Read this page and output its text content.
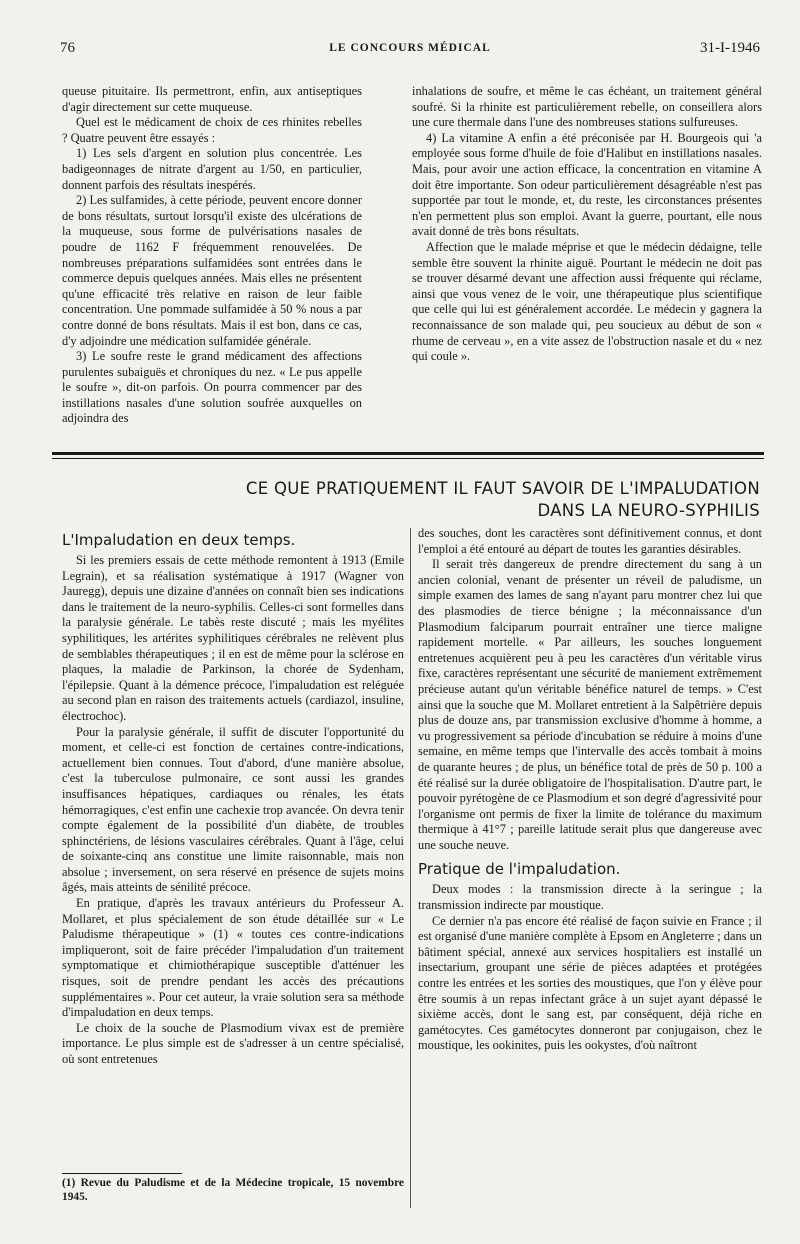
76	LE CONCOURS MÉDICAL	31-I-1946

queuse pituitaire. Ils permettront, enfin, aux antiseptiques d'agir directement sur cette muqueuse.

Quel est le médicament de choix de ces rhinites rebelles ? Quatre peuvent être essayés :

1) Les sels d'argent en solution plus concentrée. Les badigeonnages de nitrate d'argent au 1/50, en particulier, donnent parfois des résultats inespérés.

2) Les sulfamides, à cette période, peuvent encore donner de bons résultats, surtout lorsqu'il existe des ulcérations de la muqueuse, sous forme de pulvérisations nasales de poudre de 1162 F fréquemment renouvelées. De nombreuses préparations sulfamidées sont entrées dans le commerce depuis quelques années. Mais elles ne présentent qu'une efficacité très relative en raison de leur faible concentration. Une pommade sulfamidée à 50 % nous a par contre donné de bons résultats. Mais il est bon, dans ce cas, d'y adjoindre une médication sulfamidée générale.

3) Le soufre reste le grand médicament des affections purulentes subaiguës et chroniques du nez. « Le pus appelle le soufre », dit-on parfois. On pourra commencer par des instillations nasales d'une solution soufrée auxquelles on adjoindra des

inhalations de soufre, et même le cas échéant, un traitement général soufré. Si la rhinite est particulièrement rebelle, on conseillera alors une cure thermale dans l'une des nombreuses stations sulfureuses.

4) La vitamine A enfin a été préconisée par H. Bourgeois qui 'a employée sous forme d'huile de foie d'Halibut en instillations nasales. Mais, pour avoir une action efficace, la concentration en vitamine A doit être importante. Son odeur particulièrement désagréable n'est pas supportée par tout le monde, et, du reste, les circonstances présentes n'en permettent plus son emploi. Avant la guerre, pourtant, elle nous avait donné de très bons résultats.

Affection que le malade méprise et que le médecin dédaigne, telle semble être souvent la rhinite aiguë. Pourtant le médecin ne doit pas se trouver désarmé devant une affection aussi fréquente qui réclame, ainsi que vous venez de le voir, une thérapeutique plus scientifique que celle qui lui est généralement accordée. Le médecin y gagnera la reconnaissance de son malade qui, peu soucieux au début de son « rhume de cerveau », en a vite assez de l'obstruction nasale et du « nez qui coule ».

CE QUE PRATIQUEMENT IL FAUT SAVOIR DE L'IMPALUDATION
DANS LA NEURO-SYPHILIS
L'Impaludation en deux temps.

Si les premiers essais de cette méthode remontent à 1913 (Emile Legrain), et sa réalisation systématique à 1917 (Wagner von Jauregg), depuis une dizaine d'années on connaît bien ses indications dans le traitement de la neuro-syphilis. Celles-ci sont formelles dans la paralysie générale. Le tabès reste discuté ; mais les myélites syphilitiques, les artérites syphilitiques cérébrales ne relèvent plus de semblables thérapeutiques ; il en est de même pour la sclérose en plaques, la maladie de Parkinson, la chorée de Sydenham, l'épilepsie. Quant à la démence précoce, l'impaludation est reléguée au second plan en raison des traitements actuels (cardiazol, insuline, électrochoc).

Pour la paralysie générale, il suffit de discuter l'opportunité du moment, et celle-ci est fonction de certaines contre-indications, actuellement bien connues. Tout d'abord, d'une manière absolue, c'est la tuberculose pulmonaire, ce sont aussi les grandes insuffisances hépatiques, cardiaques ou rénales, les états hémorragiques, c'est enfin une cachexie trop avancée. On devra tenir compte également de la possibilité d'un diabète, de troubles sphinctériens, de lésions vasculaires cérébrales. Quant à l'âge, celui de soixante-cinq ans constitue une limite raisonnable, mais non absolue ; inversement, on sera réservé en présence de sujets moins âgés, mais atteints de sénilité précoce.

En pratique, d'après les travaux antérieurs du Professeur A. Mollaret, et plus spécialement de son étude détaillée sur « Le Paludisme thérapeutique » (1) « toutes ces contre-indications impliqueront, soit de faire précéder l'impaludation d'un traitement symptomatique et chimiothérapique susceptible d'atténuer les risques, soit de prendre pendant les accès des précautions supplémentaires ». Pour cet auteur, la vraie solution sera sa méthode d'impaludation en deux temps.

Le choix de la souche de Plasmodium vivax est de première importance. Le plus simple est de s'adresser à un centre spécialisé, où sont entretenues

(1) Revue du Paludisme et de la Médecine tropicale, 15 novembre 1945.

des souches, dont les caractères sont définitivement connus, et dont l'emploi a été entouré au départ de toutes les garanties désirables.

Il serait très dangereux de prendre directement du sang à un ancien colonial, venant de présenter un réveil de paludisme, un simple examen des lames de sang n'ayant paru montrer chez lui que des plasmodies de tierce bénigne ; la méconnaissance d'un Plasmodium falciparum pourrait entraîner une tierce maligne rapidement mortelle. « Par ailleurs, les souches longuement entretenues acquièrent peu à peu les caractères d'un véritable virus fixe, caractères représentant une sécurité de maniement extrêmement précieuse autant qu'un véritable bénéfice naturel de temps. » C'est ainsi que la souche que M. Mollaret entretient à la Salpêtrière depuis plus de douze ans, par transmission exclusive d'homme à homme, a vu progressivement sa période d'incubation se réduire à moins d'une semaine, en même temps que l'intervalle des accès tombait à moins de quarante heures ; de plus, un bénéfice total de près de 50 p. 100 a été réalisé sur la durée obligatoire de l'hospitalisation. D'autre part, le pouvoir pyrétogène de ce Plasmodium et son degré d'agressivité pour l'organisme ont permis de fixer la limite de tolérance du maximum thermique à 41°7 ; pareille latitude serait plus que dangereuse avec une souche neuve.

Pratique de l'impaludation.

Deux modes : la transmission directe à la seringue ; la transmission indirecte par moustique.

Ce dernier n'a pas encore été réalisé de façon suivie en France ; il est organisé d'une manière complète à Epsom en Angleterre ; dans un bâtiment spécial, annexé aux services hospitaliers est installé un insectarium, groupant une série de pièces adaptées et protégées contre les entrées et les sorties des moustiques, que l'on y élève pour être soumis à un repas infectant grâce à un sujet ayant dépassé le sixième accès, dont le sang est, par conséquent, déjà riche en gamétocytes. Ces gamétocytes donneront par conjugaison, chez le moustique, les ookinites, puis les ookystes, d'où naîtront
